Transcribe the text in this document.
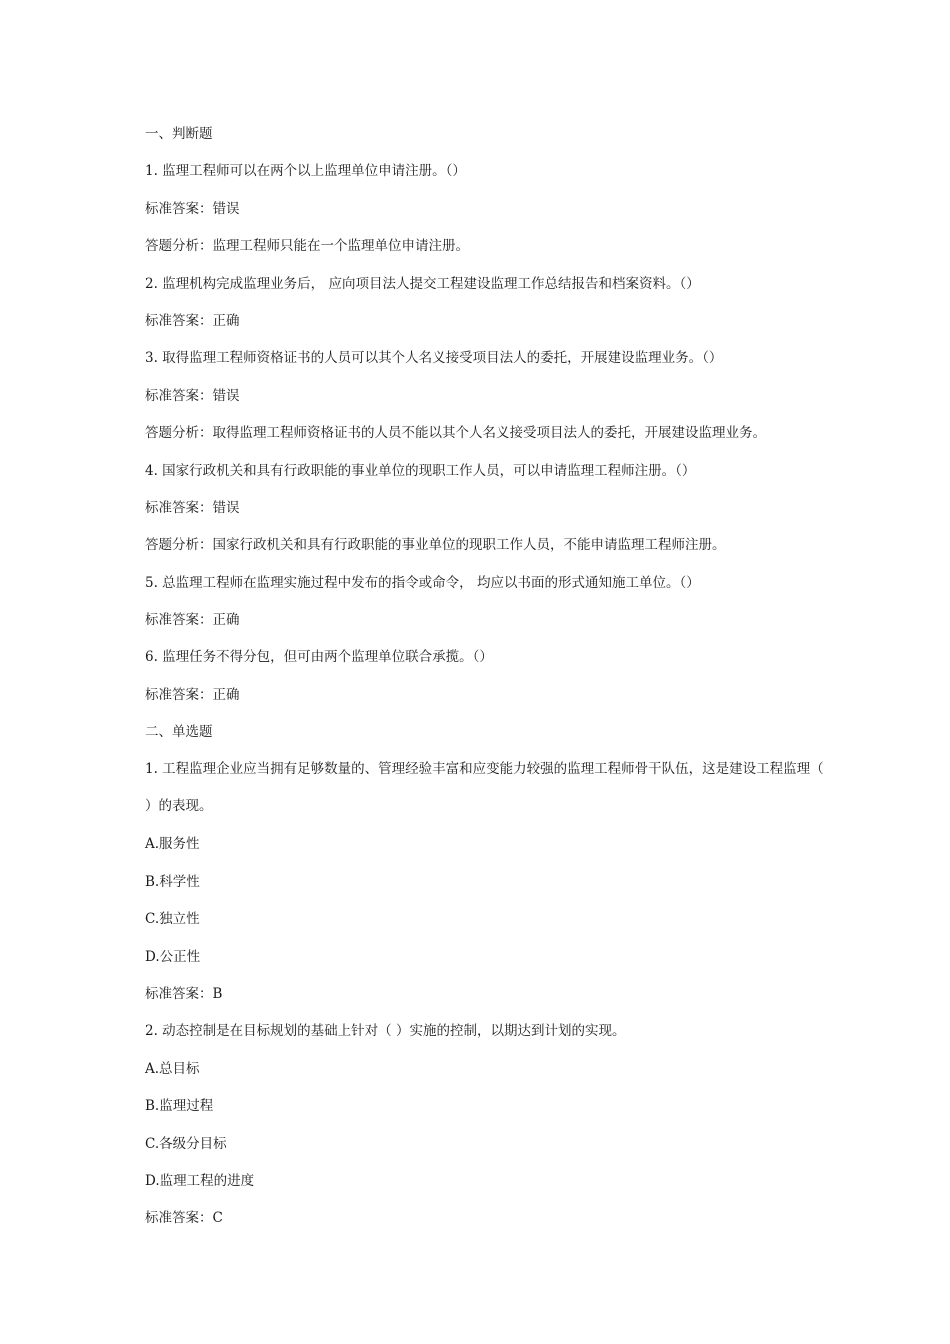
一、判断题

1. 监理工程师可以在两个以上监理单位申请注册。（）

标准答案：错误

答题分析：监理工程师只能在一个监理单位申请注册。

2. 监理机构完成监理业务后， 应向项目法人提交工程建设监理工作总结报告和档案资料。（）

标准答案：正确

3. 取得监理工程师资格证书的人员可以其个人名义接受项目法人的委托，开展建设监理业务。（）

标准答案：错误

答题分析：取得监理工程师资格证书的人员不能以其个人名义接受项目法人的委托，开展建设监理业务。

4. 国家行政机关和具有行政职能的事业单位的现职工作人员，可以申请监理工程师注册。（）

标准答案：错误

答题分析：国家行政机关和具有行政职能的事业单位的现职工作人员，不能申请监理工程师注册。

5. 总监理工程师在监理实施过程中发布的指令或命令， 均应以书面的形式通知施工单位。（）

标准答案：正确

6. 监理任务不得分包，但可由两个监理单位联合承揽。（）

标准答案：正确

二、单选题

1. 工程监理企业应当拥有足够数量的、管理经验丰富和应变能力较强的监理工程师骨干队伍，这是建设工程监理（ ）的表现。

A.服务性

B.科学性

C.独立性

D.公正性

标准答案：B

2. 动态控制是在目标规划的基础上针对（ ）实施的控制，以期达到计划的实现。

A.总目标

B.监理过程

C.各级分目标

D.监理工程的进度

标准答案：C
